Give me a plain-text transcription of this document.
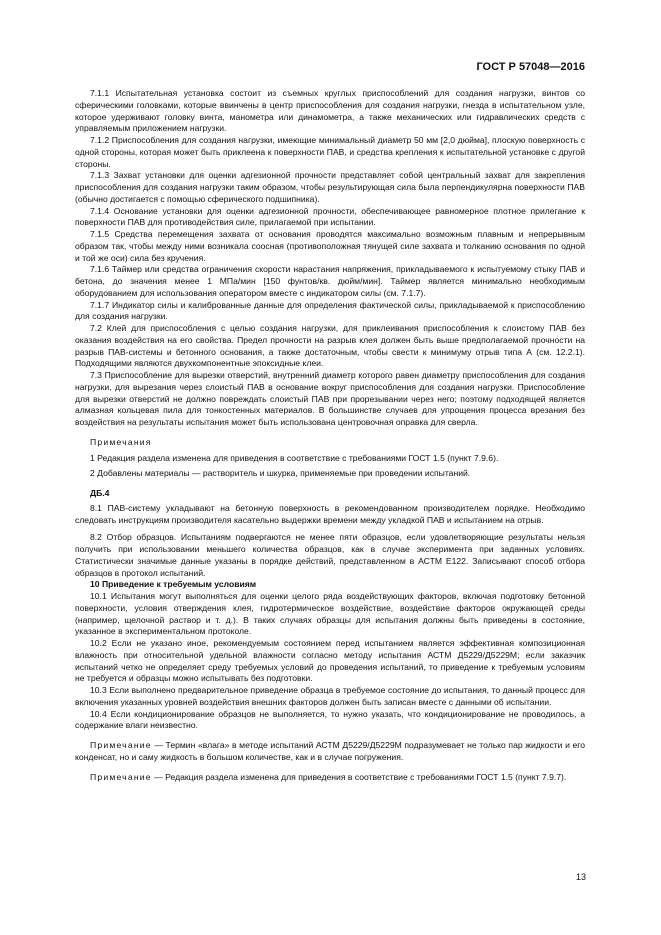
ГОСТ Р 57048—2016

7.1.1 Испытательная установка состоит из съемных круглых приспособлений для создания нагрузки, винтов со сферическими головками, которые ввинчены в центр приспособления для создания нагрузки, гнезда в испытательном узле, которое удерживают головку винта, манометра или динамометра, а также механических или гидравлических средств с управляемым приложением нагрузки.

7.1.2 Приспособления для создания нагрузки, имеющие минимальный диаметр 50 мм [2,0 дюйма], плоскую поверхность с одной стороны, которая может быть приклеена к поверхности ПАВ, и средства крепления к испытательной установке с другой стороны.

7.1.3 Захват установки для оценки адгезионной прочности представляет собой центральный захват для закрепления приспособления для создания нагрузки таким образом, чтобы результирующая сила была перпендикулярна поверхности ПАВ (обычно достигается с помощью сферического подшипника).

7.1.4 Основание установки для оценки адгезионной прочности, обеспечивающее равномерное плотное прилегание к поверхности ПАВ для противодействия силе, прилагаемой при испытании.

7.1.5 Средства перемещения захвата от основания проводятся максимально возможным плавным и непрерывным образом так, чтобы между ними возникала соосная (противоположная тянущей силе захвата и толканию основания по одной и той же оси) сила без кручения.

7.1.6 Таймер или средства ограничения скорости нарастания напряжения, прикладываемого к испытуемому стыку ПАВ и бетона, до значения менее 1 МПа/мин [150 фунтов/кв. дюйм/мин]. Таймер является минимально необходимым оборудованием для использования оператором вместе с индикатором силы (см. 7.1.7).

7.1.7 Индикатор силы и калиброванные данные для определения фактической силы, прикладываемой к приспособлению для создания нагрузки.

7.2 Клей для приспособления с целью создания нагрузки, для приклеивания приспособления к слоистому ПАВ без оказания воздействия на его свойства. Предел прочности на разрыв клея должен быть выше предполагаемой прочности на разрыв ПАВ-системы и бетонного основания, а также достаточным, чтобы свести к минимуму отрыв типа А (см. 12.2.1). Подходящими являются двухкомпонентные эпоксидные клеи.

7.3 Приспособление для вырезки отверстий, внутренний диаметр которого равен диаметру приспособления для создания нагрузки, для вырезания через слоистый ПАВ в основание вокруг приспособления для создания нагрузки. Приспособление для вырезки отверстий не должно повреждать слоистый ПАВ при прорезывании через него; поэтому подходящей является алмазная кольцевая пила для тонкостенных материалов. В большинстве случаев для упрощения процесса врезания без воздействия на результаты испытания может быть использована центровочная оправка для сверла.

Примечания

1 Редакция раздела изменена для приведения в соответствие с требованиями ГОСТ 1.5 (пункт 7.9.6).

2 Добавлены материалы — растворитель и шкурка, применяемые при проведении испытаний.

ДБ.4

8.1 ПАВ-систему укладывают на бетонную поверхность в рекомендованном производителем порядке. Необходимо следовать инструкциям производителя касательно выдержки времени между укладкой ПАВ и испытанием на отрыв.

8.2 Отбор образцов. Испытаниям подвергаются не менее пяти образцов, если удовлетворяющие результаты нельзя получить при использовании меньшего количества образцов, как в случае эксперимента при заданных условиях. Статистически значимые данные указаны в порядке действий, представленном в АСТМ Е122. Записывают способ отбора образцов в протокол испытаний.

10 Приведение к требуемым условиям

10.1 Испытания могут выполняться для оценки целого ряда воздействующих факторов, включая подготовку бетонной поверхности, условия отверждения клея, гидротермическое воздействие, воздействие факторов окружающей среды (например, щелочной раствор и т. д.). В таких случаях образцы для испытания должны быть приведены в состояние, указанное в экспериментальном протоколе.

10.2 Если не указано иное, рекомендуемым состоянием перед испытанием является эффективная композиционная влажность при относительной удельной влажности согласно методу испытания АСТМ Д5229/Д5229М; если заказчик испытаний четко не определяет среду требуемых условий до проведения испытаний, то приведение к требуемым условиям не требуется и образцы можно испытывать без подготовки.

10.3 Если выполнено предварительное приведение образца в требуемое состояние до испытания, то данный процесс для включения указанных уровней воздействия внешних факторов должен быть записан вместе с данными об испытании.

10.4 Если кондиционирование образцов не выполняется, то нужно указать, что кондиционирование не проводилось, а содержание влаги неизвестно.

Примечание — Термин «влага» в методе испытаний АСТМ Д5229/Д5229М подразумевает не только пар жидкости и его конденсат, но и саму жидкость в большом количестве, как и в случае погружения.

Примечание — Редакция раздела изменена для приведения в соответствие с требованиями ГОСТ 1.5 (пункт 7.9.7).

13
